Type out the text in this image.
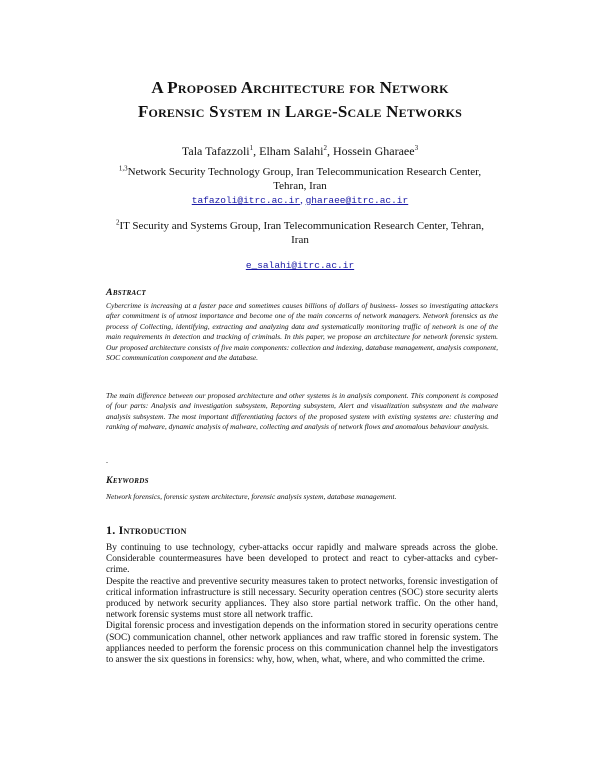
A Proposed Architecture for Network
Forensic System in Large-Scale Networks
Tala Tafazzoli$^1$, Elham Salahi$^2$, Hossein Gharaee$^3$
$^{1,3}$Network Security Technology Group, Iran Telecommunication Research Center,
Tehran, Iran
tafazoli@itrc.ac.ir, gharaee@itrc.ac.ir
$^2$IT Security and Systems Group, Iran Telecommunication Research Center, Tehran,
Iran
e_salahi@itrc.ac.ir
Abstract

Cybercrime is increasing at a faster pace and sometimes causes billions of dollars of business- losses so investigating attackers after commitment is of utmost importance and become one of the main concerns of network managers. Network forensics as the process of Collecting, identifying, extracting and analyzing data and systematically monitoring traffic of network is one of the main requirements in detection and tracking of criminals. In this paper, we propose an architecture for network forensic system. Our proposed architecture consists of five main components: collection and indexing, database management, analysis component, SOC communication component and the database.

The main difference between our proposed architecture and other systems is in analysis component. This component is composed of four parts: Analysis and investigation subsystem, Reporting subsystem, Alert and visualization subsystem and the malware analysis subsystem. The most important differentiating factors of the proposed system with existing systems are: clustering and ranking of malware, dynamic analysis of malware, collecting and analysis of network flows and anomalous behaviour analysis.

.
Keywords

Network forensics, forensic system architecture, forensic analysis system, database management.

1. Introduction

By continuing to use technology, cyber-attacks occur rapidly and malware spreads across the globe. Considerable countermeasures have been developed to protect and react to cyber-attacks and cyber-crime.

Despite the reactive and preventive security measures taken to protect networks, forensic investigation of critical information infrastructure is still necessary. Security operation centres (SOC) store security alerts produced by network security appliances. They also store partial network traffic. On the other hand, network forensic systems must store all network traffic.

Digital forensic process and investigation depends on the information stored in security operations centre (SOC) communication channel, other network appliances and raw traffic stored in forensic system. The appliances needed to perform the forensic process on this communication channel help the investigators to answer the six questions in forensics: why, how, when, what, where, and who committed the crime.
